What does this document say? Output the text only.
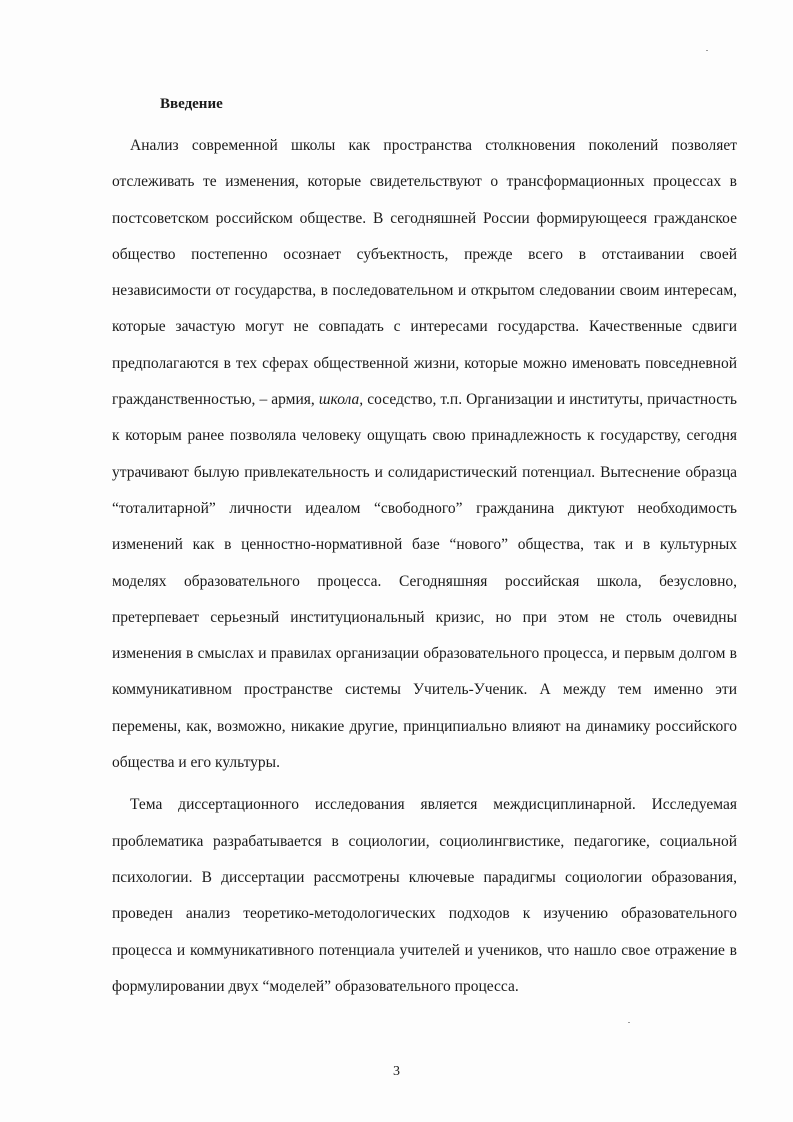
Введение

Анализ современной школы как пространства столкновения поколений позволяет отслеживать те изменения, которые свидетельствуют о трансформационных процессах в постсоветском российском обществе. В сегодняшней России формирующееся гражданское общество постепенно осознает субъектность, прежде всего в отстаивании своей независимости от государства, в последовательном и открытом следовании своим интересам, которые зачастую могут не совпадать с интересами государства. Качественные сдвиги предполагаются в тех сферах общественной жизни, которые можно именовать повседневной гражданственностью, – армия, школа, соседство, т.п. Организации и институты, причастность к которым ранее позволяла человеку ощущать свою принадлежность к государству, сегодня утрачивают былую привлекательность и солидаристический потенциал. Вытеснение образца “тоталитарной” личности идеалом “свободного” гражданина диктуют необходимость изменений как в ценностно-нормативной базе “нового” общества, так и в культурных моделях образовательного процесса. Сегодняшняя российская школа, безусловно, претерпевает серьезный институциональный кризис, но при этом не столь очевидны изменения в смыслах и правилах организации образовательного процесса, и первым долгом в коммуникативном пространстве системы Учитель-Ученик. А между тем именно эти перемены, как, возможно, никакие другие, принципиально влияют на динамику российского общества и его культуры.

Тема диссертационного исследования является междисциплинарной. Исследуемая проблематика разрабатывается в социологии, социолингвистике, педагогике, социальной психологии. В диссертации рассмотрены ключевые парадигмы социологии образования, проведен анализ теоретико-методологических подходов к изучению образовательного процесса и коммуникативного потенциала учителей и учеников, что нашло свое отражение в формулировании двух “моделей” образовательного процесса.

3
